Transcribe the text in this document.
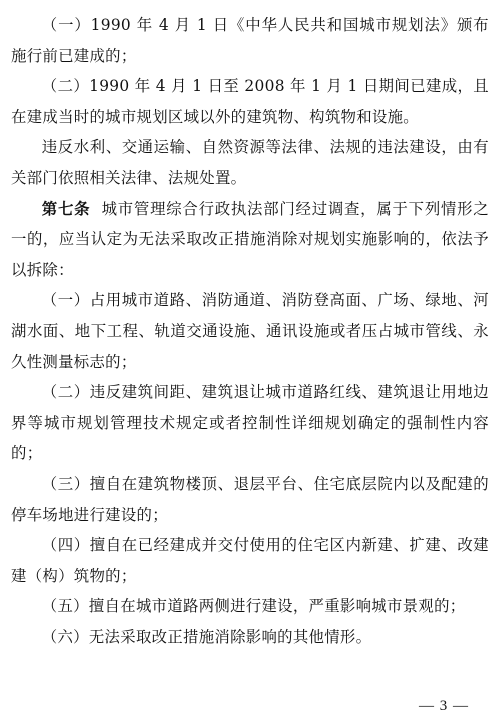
（一）1990 年 4 月 1 日《中华人民共和国城市规划法》颁布施行前已建成的；

（二）1990 年 4 月 1 日至 2008 年 1 月 1 日期间已建成，且在建成当时的城市规划区域以外的建筑物、构筑物和设施。

违反水利、交通运输、自然资源等法律、法规的违法建设，由有关部门依照相关法律、法规处置。

第七条 城市管理综合行政执法部门经过调查，属于下列情形之一的，应当认定为无法采取改正措施消除对规划实施影响的，依法予以拆除：

（一）占用城市道路、消防通道、消防登高面、广场、绿地、河湖水面、地下工程、轨道交通设施、通讯设施或者压占城市管线、永久性测量标志的；

（二）违反建筑间距、建筑退让城市道路红线、建筑退让用地边界等城市规划管理技术规定或者控制性详细规划确定的强制性内容的；

（三）擅自在建筑物楼顶、退层平台、住宅底层院内以及配建的停车场地进行建设的；

（四）擅自在已经建成并交付使用的住宅区内新建、扩建、改建建（构）筑物的；

（五）擅自在城市道路两侧进行建设，严重影响城市景观的；

（六）无法采取改正措施消除影响的其他情形。

— 3 —
